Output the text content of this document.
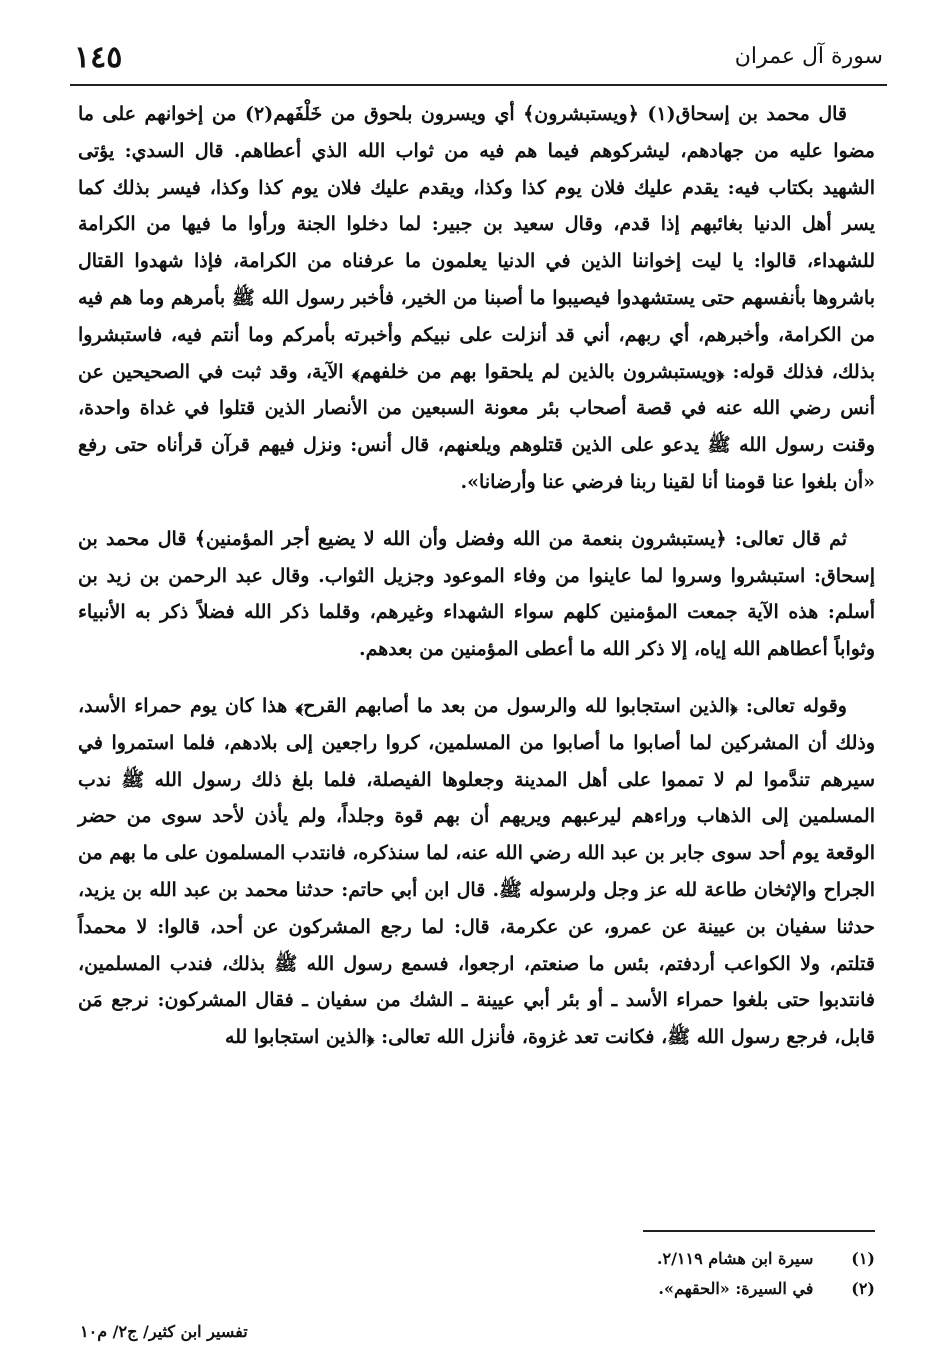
١٤٥	سورة آل عمران

قال محمد بن إسحاق(١) ﴿ويستبشرون﴾ أي ويسرون بلحوق من خَلْفَهم(٢) من إخوانهم على ما مضوا عليه من جهادهم، ليشركوهم فيما هم فيه من ثواب الله الذي أعطاهم. قال السدي: يؤتى الشهيد بكتاب فيه: يقدم عليك فلان يوم كذا وكذا، ويقدم عليك فلان يوم كذا وكذا، فيسر بذلك كما يسر أهل الدنيا بغائبهم إذا قدم، وقال سعيد بن جبير: لما دخلوا الجنة ورأوا ما فيها من الكرامة للشهداء، قالوا: يا ليت إخواننا الذين في الدنيا يعلمون ما عرفناه من الكرامة، فإذا شهدوا القتال باشروها بأنفسهم حتى يستشهدوا فيصيبوا ما أصبنا من الخير، فأخبر رسول الله ﷺ بأمرهم وما هم فيه من الكرامة، وأخبرهم، أي ربهم، أني قد أنزلت على نبيكم وأخبرته بأمركم وما أنتم فيه، فاستبشروا بذلك، فذلك قوله: ﴿ويستبشرون بالذين لم يلحقوا بهم من خلفهم﴾ الآية، وقد ثبت في الصحيحين عن أنس رضي الله عنه في قصة أصحاب بئر معونة السبعين من الأنصار الذين قتلوا في غداة واحدة، وقنت رسول الله ﷺ يدعو على الذين قتلوهم ويلعنهم، قال أنس: ونزل فيهم قرآن قرأناه حتى رفع «أن بلغوا عنا قومنا أنا لقينا ربنا فرضي عنا وأرضانا».

ثم قال تعالى: ﴿يستبشرون بنعمة من الله وفضل وأن الله لا يضيع أجر المؤمنين﴾ قال محمد بن إسحاق: استبشروا وسروا لما عاينوا من وفاء الموعود وجزيل الثواب. وقال عبد الرحمن بن زيد بن أسلم: هذه الآية جمعت المؤمنين كلهم سواء الشهداء وغيرهم، وقلما ذكر الله فضلاً ذكر به الأنبياء وثواباً أعطاهم الله إياه، إلا ذكر الله ما أعطى المؤمنين من بعدهم.

وقوله تعالى: ﴿الذين استجابوا لله والرسول من بعد ما أصابهم القرح﴾ هذا كان يوم حمراء الأسد، وذلك أن المشركين لما أصابوا ما أصابوا من المسلمين، كروا راجعين إلى بلادهم، فلما استمروا في سيرهم تندَّموا لم لا تمموا على أهل المدينة وجعلوها الفيصلة، فلما بلغ ذلك رسول الله ﷺ ندب المسلمين إلى الذهاب وراءهم ليرعبهم ويريهم أن بهم قوة وجلداً، ولم يأذن لأحد سوى من حضر الوقعة يوم أحد سوى جابر بن عبد الله رضي الله عنه، لما سنذكره، فانتدب المسلمون على ما بهم من الجراح والإثخان طاعة لله عز وجل ولرسوله ﷺ. قال ابن أبي حاتم: حدثنا محمد بن عبد الله بن يزيد، حدثنا سفيان بن عيينة عن عمرو، عن عكرمة، قال: لما رجع المشركون عن أحد، قالوا: لا محمداً قتلتم، ولا الكواعب أردفتم، بئس ما صنعتم، ارجعوا، فسمع رسول الله ﷺ بذلك، فندب المسلمين، فانتدبوا حتى بلغوا حمراء الأسد ـ أو بئر أبي عيينة ـ الشك من سفيان ـ فقال المشركون: نرجع مَن قابل، فرجع رسول الله ﷺ، فكانت تعد غزوة، فأنزل الله تعالى: ﴿الذين استجابوا لله

(١) سيرة ابن هشام ٢/١١٩.
(٢) في السيرة: «الحقهم».
تفسير ابن كثير/ ج٢/ م١٠
